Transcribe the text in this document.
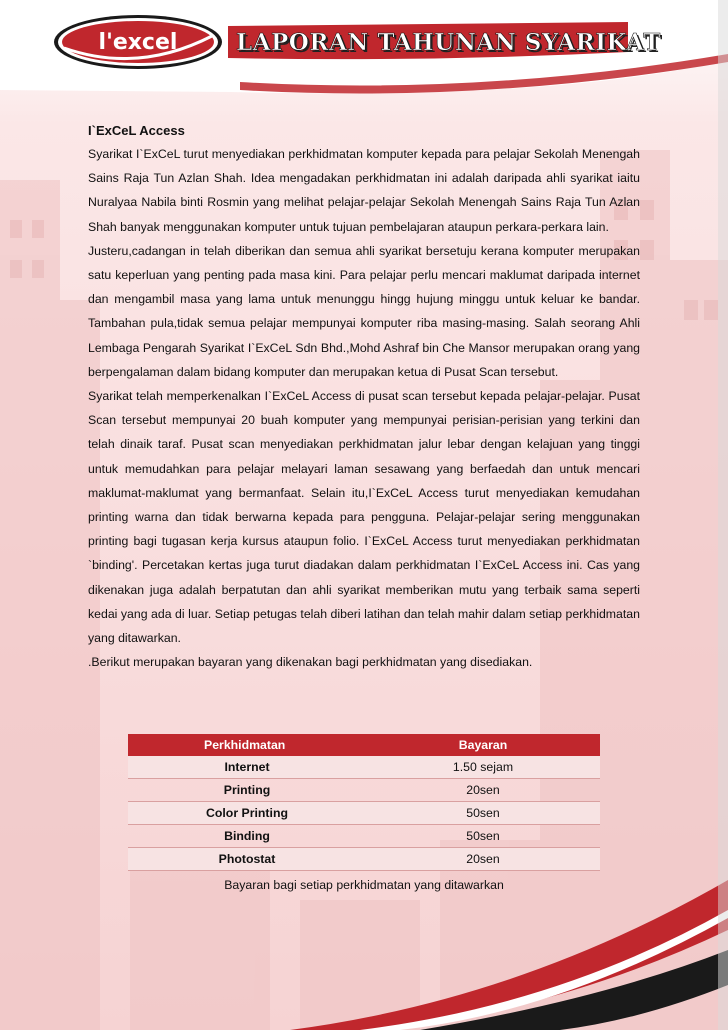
l'excel	LAPORAN TAHUNAN SYARIKAT
I`ExCeL Access

Syarikat I`ExCeL turut menyediakan perkhidmatan komputer kepada para pelajar Sekolah Menengah Sains Raja Tun Azlan Shah. Idea mengadakan perkhidmatan ini adalah daripada ahli syarikat iaitu Nuralyaa Nabila binti Rosmin yang melihat pelajar-pelajar Sekolah Menengah Sains Raja Tun Azlan Shah banyak menggunakan komputer untuk tujuan pembelajaran ataupun perkara-perkara lain.

Justeru,cadangan in telah diberikan dan semua ahli syarikat bersetuju kerana komputer merupakan satu keperluan yang penting pada masa kini. Para pelajar perlu mencari maklumat daripada internet dan mengambil masa yang lama untuk menunggu hingg hujung minggu untuk keluar ke bandar. Tambahan pula,tidak semua pelajar mempunyai komputer riba masing-masing. Salah seorang Ahli Lembaga Pengarah Syarikat I`ExCeL Sdn Bhd.,Mohd Ashraf bin Che Mansor merupakan orang yang berpengalaman dalam bidang komputer dan merupakan ketua di Pusat Scan tersebut.

Syarikat telah memperkenalkan I`ExCeL Access di pusat scan tersebut kepada pelajar-pelajar. Pusat Scan tersebut mempunyai 20 buah komputer yang mempunyai perisian-perisian yang terkini dan telah dinaik taraf. Pusat scan menyediakan perkhidmatan jalur lebar dengan kelajuan yang tinggi untuk memudahkan para pelajar melayari laman sesawang yang berfaedah dan untuk mencari maklumat-maklumat yang bermanfaat. Selain itu,I`ExCeL Access turut menyediakan kemudahan printing warna dan tidak berwarna kepada para pengguna. Pelajar-pelajar sering menggunakan printing bagi tugasan kerja kursus ataupun folio. I`ExCeL Access turut menyediakan perkhidmatan `binding'. Percetakan kertas juga turut diadakan dalam perkhidmatan I`ExCeL Access ini. Cas yang dikenakan juga adalah berpatutan dan ahli syarikat memberikan mutu yang terbaik sama seperti kedai yang ada di luar. Setiap petugas telah diberi latihan dan telah mahir dalam setiap perkhidmatan yang ditawarkan.

.Berikut merupakan bayaran yang dikenakan bagi perkhidmatan yang disediakan.

Perkhidmatan	Bayaran
Internet	1.50 sejam
Printing	20sen
Color Printing	50sen
Binding	50sen
Photostat	20sen
Bayaran bagi setiap perkhidmatan yang ditawarkan
